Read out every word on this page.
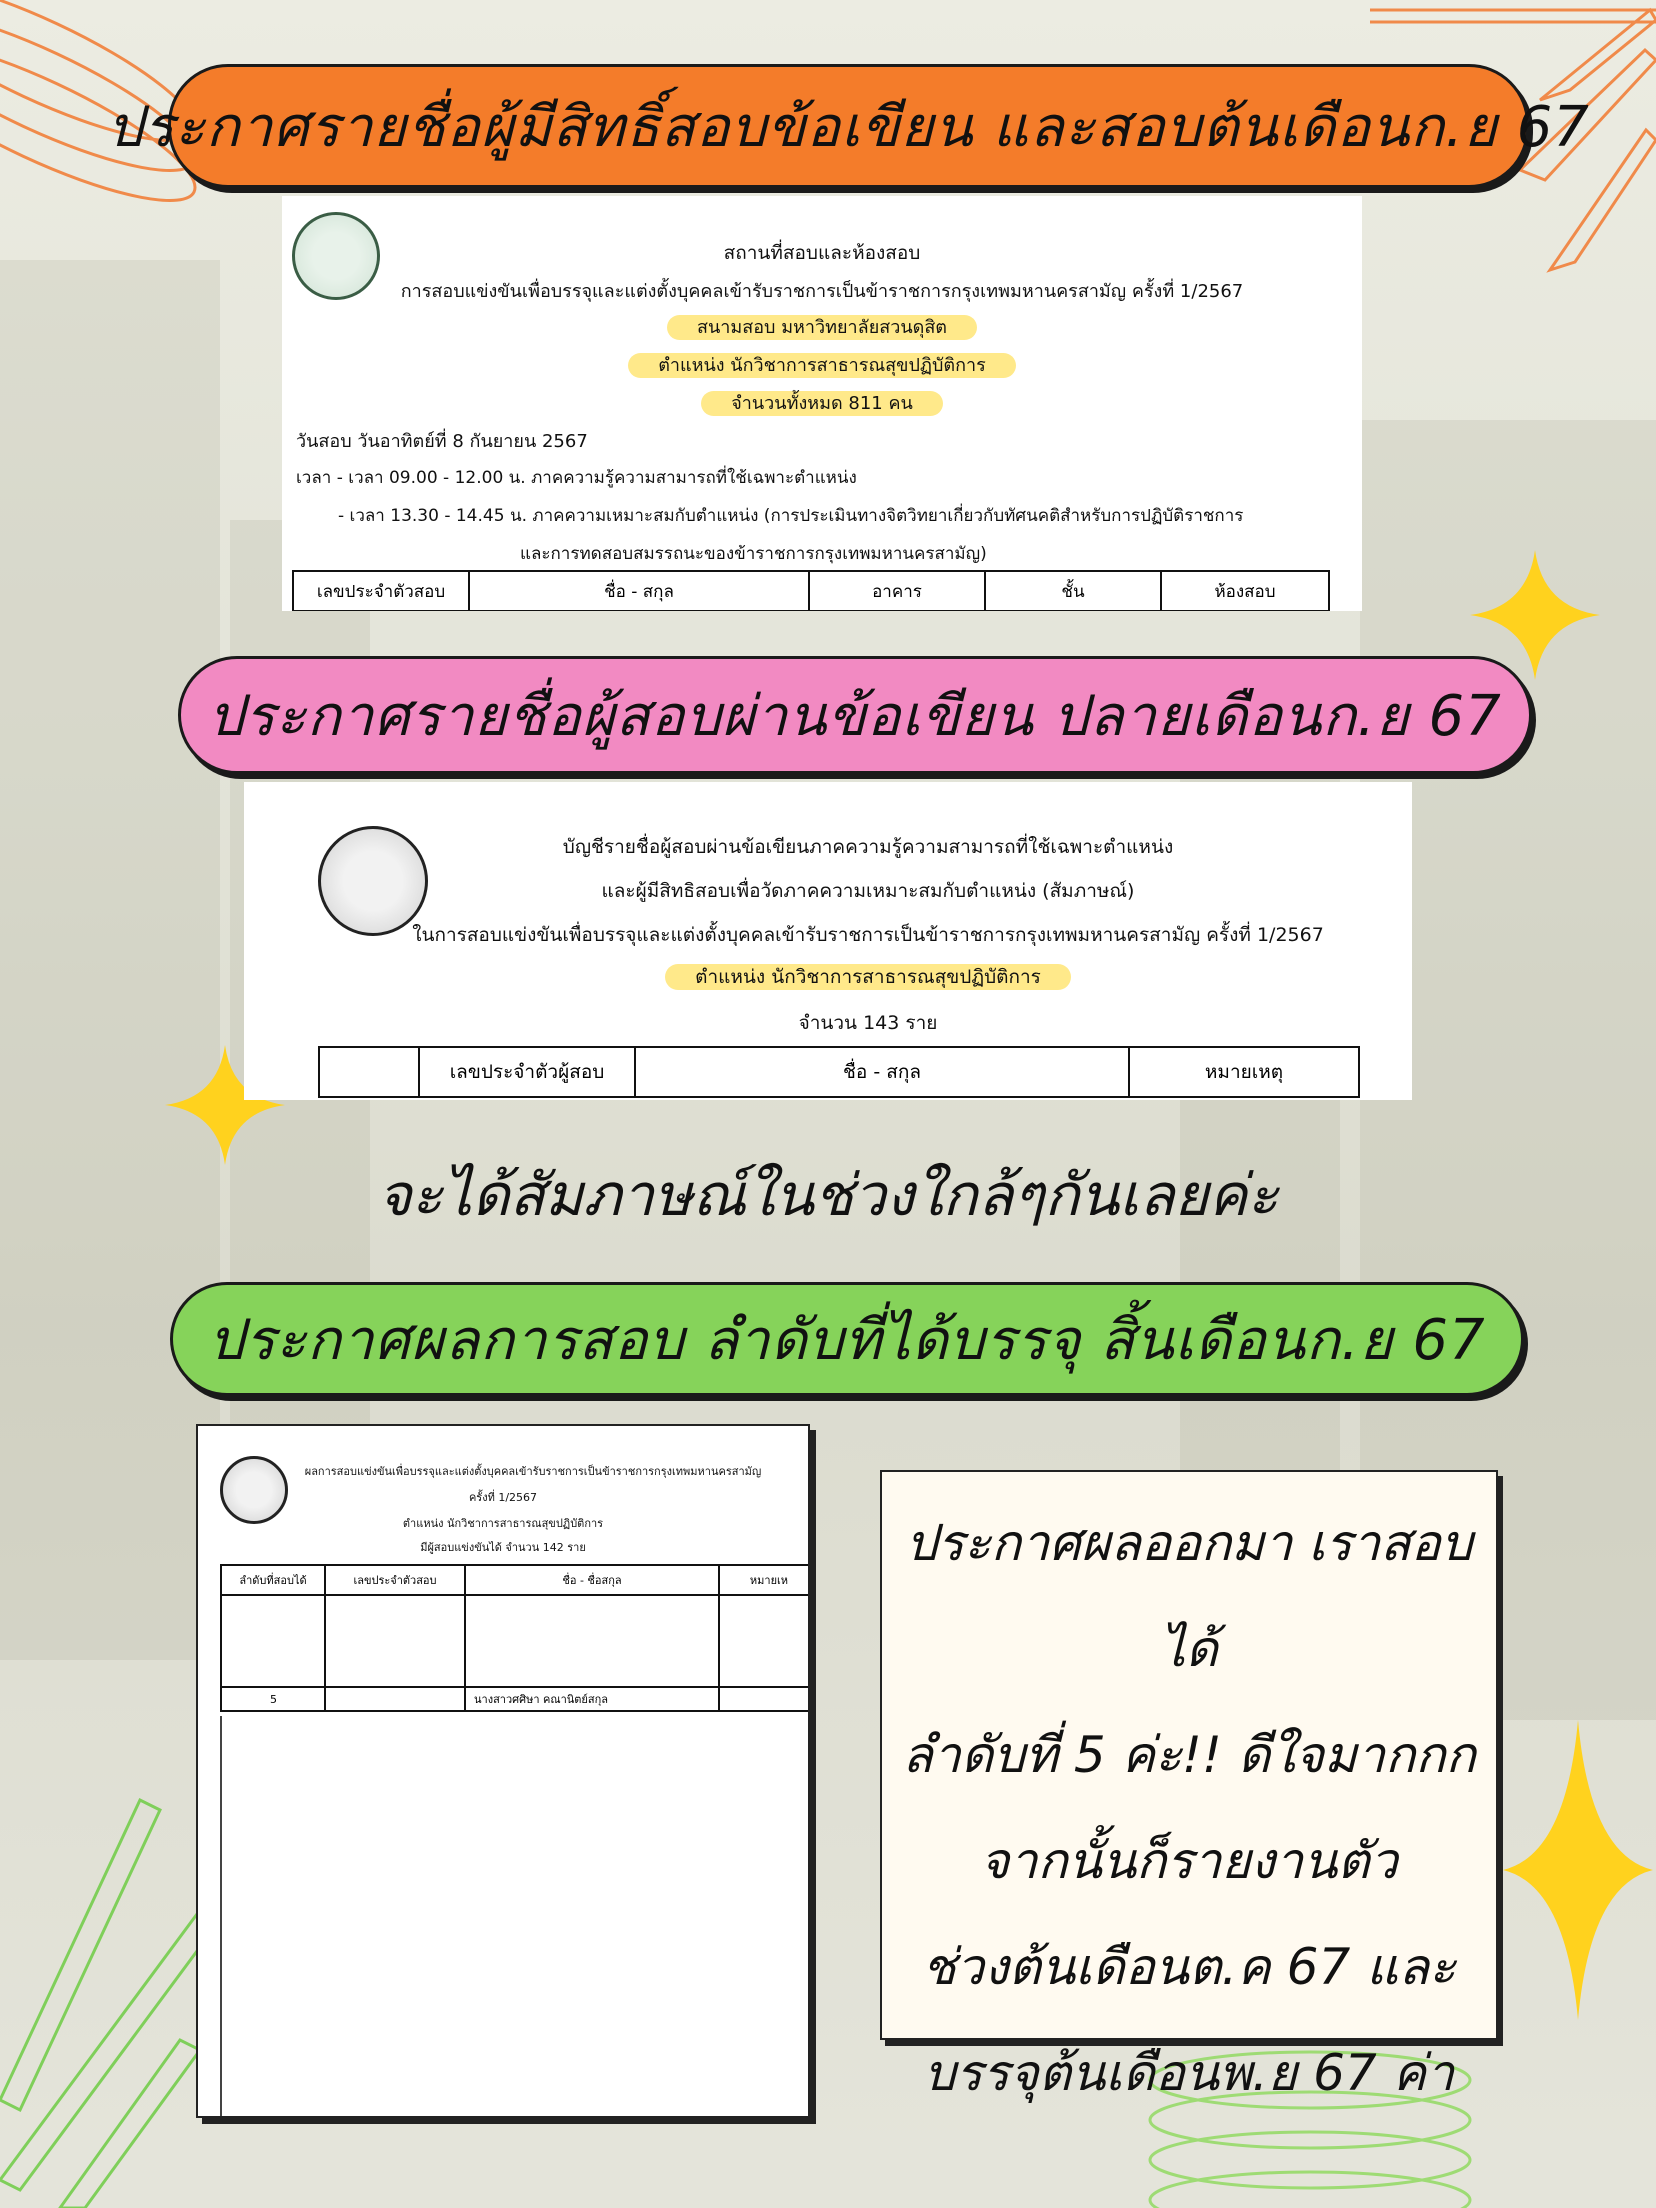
ประกาศรายชื่อผู้มีสิทธิ์สอบข้อเขียน และสอบต้นเดือนก.ย 67
สถานที่สอบและห้องสอบ
การสอบแข่งขันเพื่อบรรจุและแต่งตั้งบุคคลเข้ารับราชการเป็นข้าราชการกรุงเทพมหานครสามัญ ครั้งที่ 1/2567
สนามสอบ มหาวิทยาลัยสวนดุสิต
ตำแหน่ง นักวิชาการสาธารณสุขปฏิบัติการ
จำนวนทั้งหมด 811 คน
วันสอบ วันอาทิตย์ที่ 8 กันยายน 2567
เวลา - เวลา 09.00 - 12.00 น. ภาคความรู้ความสามารถที่ใช้เฉพาะตำแหน่ง
- เวลา 13.30 - 14.45 น. ภาคความเหมาะสมกับตำแหน่ง (การประเมินทางจิตวิทยาเกี่ยวกับทัศนคติสำหรับการปฏิบัติราชการ
และการทดสอบสมรรถนะของข้าราชการกรุงเทพมหานครสามัญ)
เลขประจำตัวสอบ	ชื่อ - สกุล	อาคาร	ชั้น	ห้องสอบ
ประกาศรายชื่อผู้สอบผ่านข้อเขียน ปลายเดือนก.ย 67
บัญชีรายชื่อผู้สอบผ่านข้อเขียนภาคความรู้ความสามารถที่ใช้เฉพาะตำแหน่ง
และผู้มีสิทธิสอบเพื่อวัดภาคความเหมาะสมกับตำแหน่ง (สัมภาษณ์)
ในการสอบแข่งขันเพื่อบรรจุและแต่งตั้งบุคคลเข้ารับราชการเป็นข้าราชการกรุงเทพมหานครสามัญ ครั้งที่ 1/2567
ตำแหน่ง นักวิชาการสาธารณสุขปฏิบัติการ
จำนวน 143 ราย
	เลขประจำตัวผู้สอบ	ชื่อ - สกุล	หมายเหตุ
จะได้สัมภาษณ์ในช่วงใกล้ๆกันเลยค่ะ
ประกาศผลการสอบ ลำดับที่ได้บรรจุ สิ้นเดือนก.ย 67
ผลการสอบแข่งขันเพื่อบรรจุและแต่งตั้งบุคคลเข้ารับราชการเป็นข้าราชการกรุงเทพมหานครสามัญ
ครั้งที่ 1/2567
ตำแหน่ง นักวิชาการสาธารณสุขปฏิบัติการ
มีผู้สอบแข่งขันได้ จำนวน 142 ราย
ลำดับที่สอบได้	เลขประจำตัวสอบ	ชื่อ - ชื่อสกุล	หมายเห

5		นางสาวศศิษา คณานิตย์สกุล	

ประกาศผลออกมา เราสอบได้

ลำดับที่ 5 ค่ะ!! ดีใจมากกก

จากนั้นก็รายงานตัว

ช่วงต้นเดือนต.ค 67 และ

บรรจุต้นเดือนพ.ย 67 ค่า
